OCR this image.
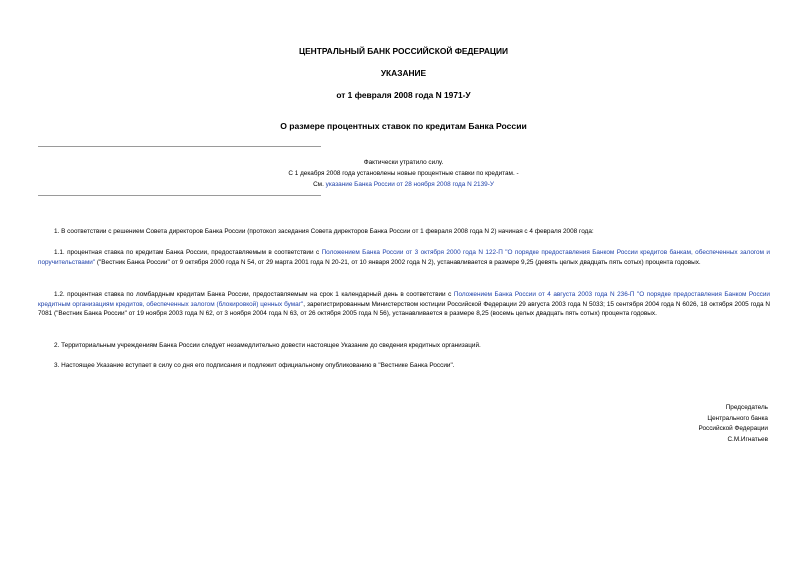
ЦЕНТРАЛЬНЫЙ БАНК РОССИЙСКОЙ ФЕДЕРАЦИИ
УКАЗАНИЕ
от 1 февраля 2008 года N 1971-У
О размере процентных ставок по кредитам Банка России
Фактически утратило силу.
С 1 декабря 2008 года установлены новые процентные ставки по кредитам. -
См. указание Банка России от 28 ноября 2008 года N 2139-У
1. В соответствии с решением Совета директоров Банка России (протокол заседания Совета директоров Банка России от 1 февраля 2008 года N 2) начиная с 4 февраля 2008 года:
1.1. процентная ставка по кредитам Банка России, предоставляемым в соответствии с Положением Банка России от 3 октября 2000 года N 122-П "О порядке предоставления Банком России кредитов банкам, обеспеченных залогом и поручительствами" ("Вестник Банка России" от 9 октября 2000 года N 54, от 29 марта 2001 года N 20-21, от 10 января 2002 года N 2), устанавливается в размере 9,25 (девять целых двадцать пять сотых) процента годовых.
1.2. процентная ставка по ломбардным кредитам Банка России, предоставляемым на срок 1 календарный день в соответствии с Положением Банка России от 4 августа 2003 года N 236-П "О порядке предоставления Банком России кредитным организациям кредитов, обеспеченных залогом (блокировкой) ценных бумаг", зарегистрированным Министерством юстиции Российской Федерации 29 августа 2003 года N 5033; 15 сентября 2004 года N 6026, 18 октября 2005 года N 7081 ("Вестник Банка России" от 19 ноября 2003 года N 62, от 3 ноября 2004 года N 63, от 26 октября 2005 года N 56), устанавливается в размере 8,25 (восемь целых двадцать пять сотых) процента годовых.
2. Территориальным учреждениям Банка России следует незамедлительно довести настоящее Указание до сведения кредитных организаций.
3. Настоящее Указание вступает в силу со дня его подписания и подлежит официальному опубликованию в "Вестнике Банка России".
Председатель
Центрального банка
Российской Федерации
С.М.Игнатьев
